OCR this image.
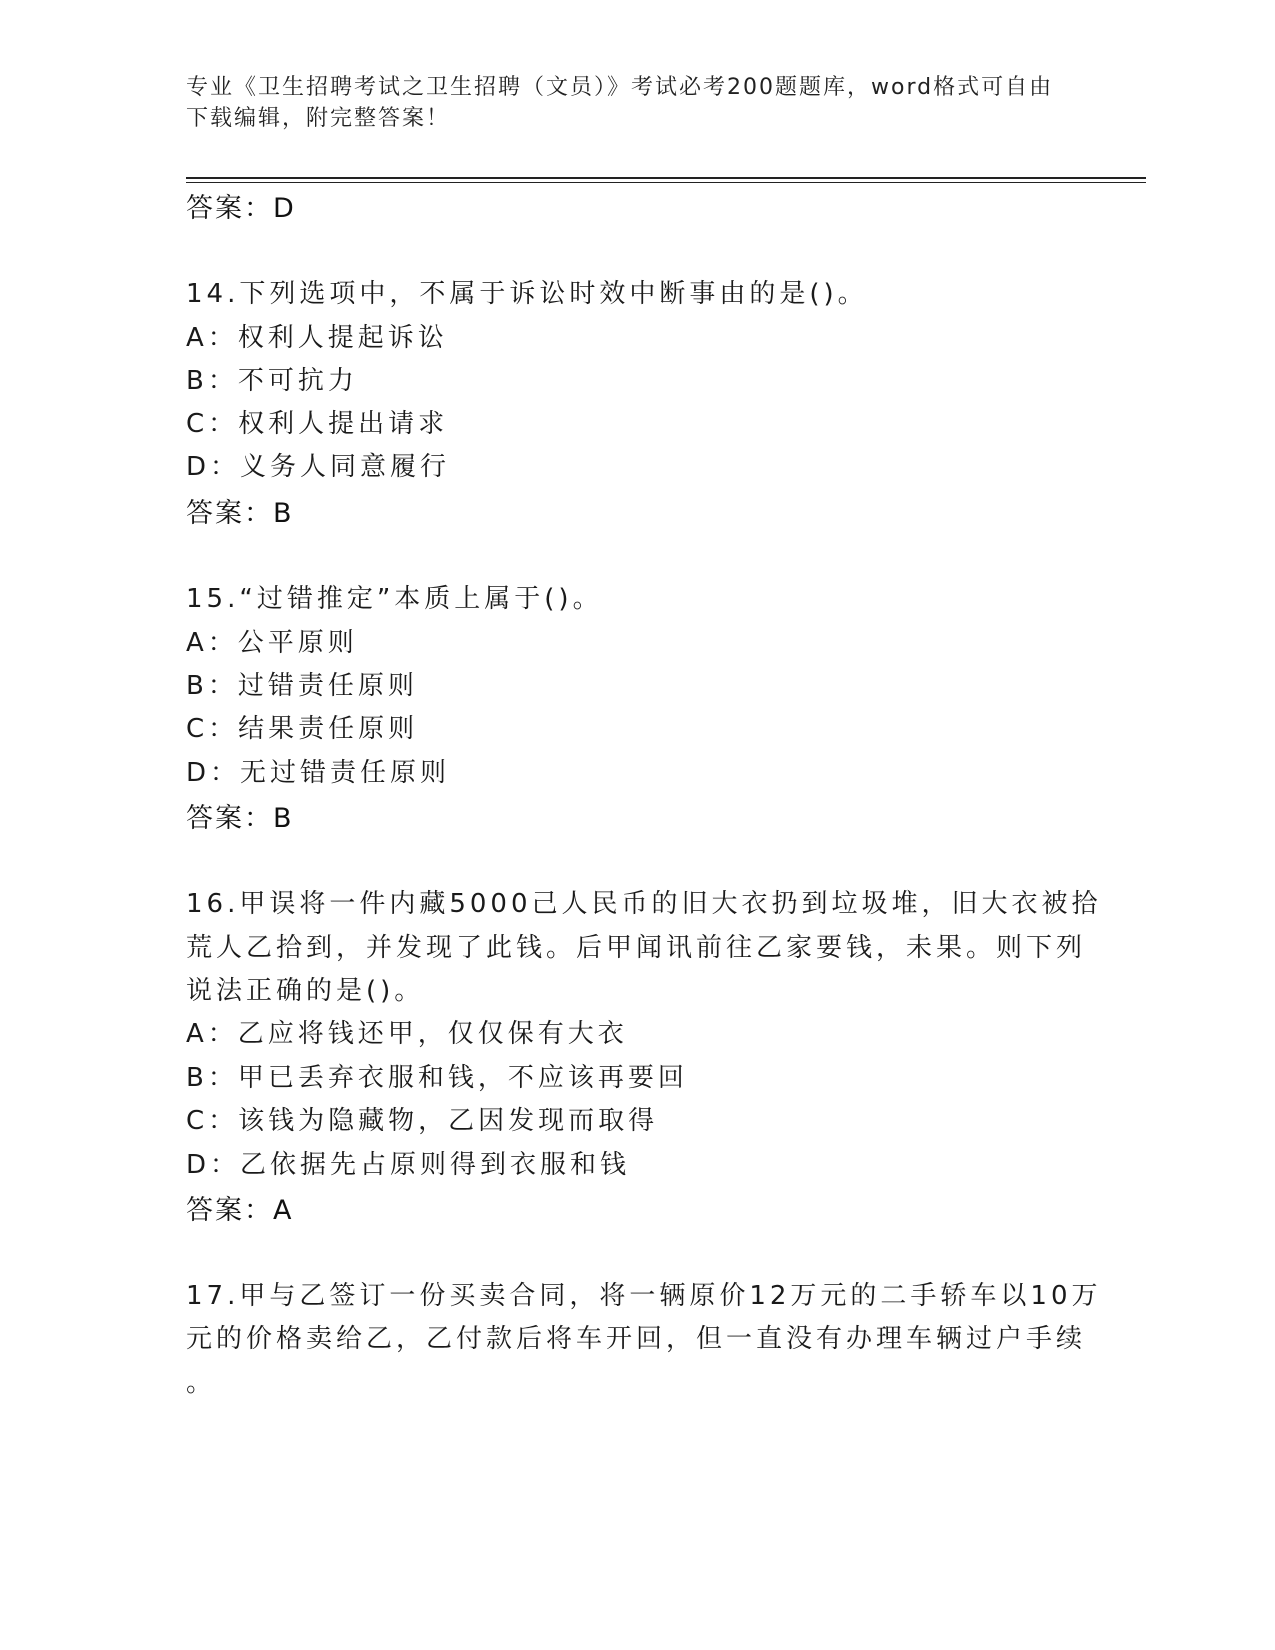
专业《卫生招聘考试之卫生招聘（文员）》考试必考200题题库，word格式可自由下载编辑，附完整答案！
答案：D
14.下列选项中，不属于诉讼时效中断事由的是()。
A：权利人提起诉讼
B：不可抗力
C：权利人提出请求
D：义务人同意履行
答案：B
15.“过错推定”本质上属于()。
A：公平原则
B：过错责任原则
C：结果责任原则
D：无过错责任原则
答案：B
16.甲误将一件内藏5000己人民币的旧大衣扔到垃圾堆，旧大衣被拾
荒人乙拾到，并发现了此钱。后甲闻讯前往乙家要钱，未果。则下列
说法正确的是()。
A：乙应将钱还甲，仅仅保有大衣
B：甲已丢弃衣服和钱，不应该再要回
C：该钱为隐藏物，乙因发现而取得
D：乙依据先占原则得到衣服和钱
答案：A
17.甲与乙签订一份买卖合同，将一辆原价12万元的二手轿车以10万
元的价格卖给乙，乙付款后将车开回，但一直没有办理车辆过户手续
。
